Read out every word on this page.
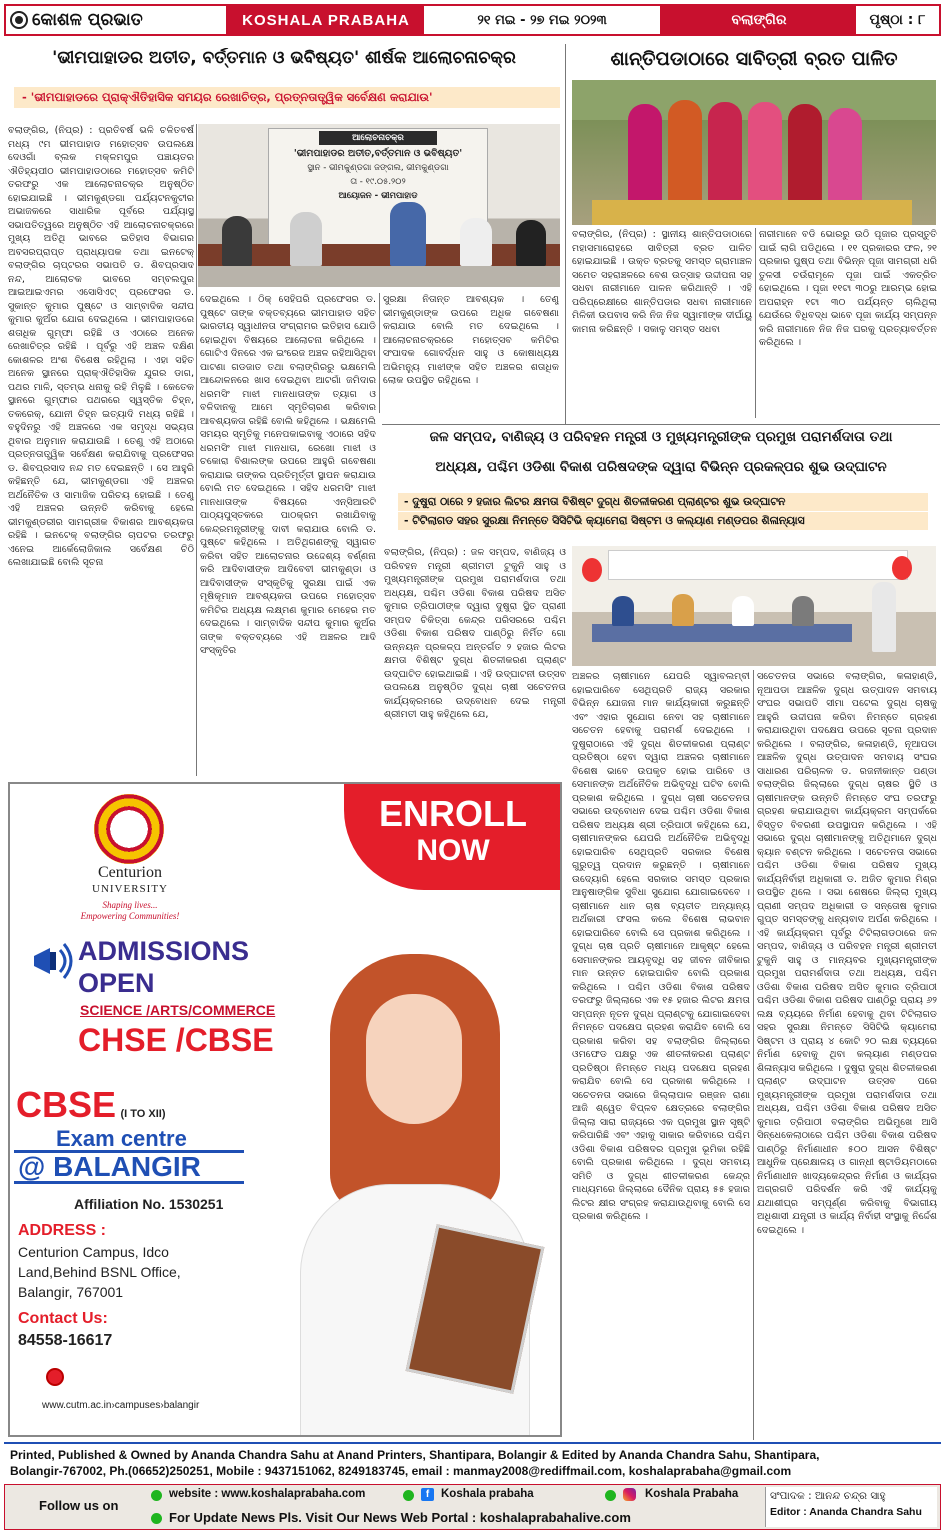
କୋଶଳ ପ୍ରଭାତ	KOSHALA PRABAHA	୨୧ ମଇ - ୨୭ ମଇ ୨୦୨୩	ବଲାଙ୍ଗିର	ପୃଷ୍ଠା : ୮
'ଭୀମପାହାଡର ଅତୀତ, ବର୍ତ୍ତମାନ ଓ ଭବିଷ୍ୟତ' ଶୀର୍ଷକ ଆଲୋଚନାଚକ୍ର
- 'ଭୀମପାହାଡରେ ପ୍ରାକ୍ଐତିହାସିକ ସମୟର ରେଖାଚିତ୍ର, ପ୍ରତ୍ନତାତ୍ତ୍ୱିକ ସର୍ବେକ୍ଷଣ କରାଯାଉ'
ଆଲୋଚନାଚକ୍ର
'ଭୀମପାହାଡର ଅତୀତ,ବର୍ତ୍ତମାନ ଓ ଭବିଷ୍ୟତ'
ସ୍ଥାନ - ଭୀମକୁଣ୍ଡଗା ଜଙ୍ଗଲ, ଭୀମକୁଣ୍ଡଗା
ତା - ୧୯.୦୫.୨୦୨
ଆୟୋଜନ - ଭୀମପାହାଡ
ବଲାଙ୍ଗିର, (ନିପ୍ର) : ପ୍ରତିବର୍ଷ ଭଳି ଚଳିତବର୍ଷ ମଧ୍ୟ ୯ମ ଭୀମପାହାଡ ମହୋତ୍ସବ ଉପଲକ୍ଷେ ଦେଓଗାଁ ବ୍ଲକ ମକ୍ଳମପୁର ପଞ୍ଚାୟତର ଐତିହ୍ୟପୀଠ ଭୀମପାହାଡଠାରେ ମହୋତ୍ସବ କମିଟି ତରଫରୁ ଏକ ଆଲୋଚନାଚକ୍ର ଅନୁଷ୍ଠିତ ହୋଇଯାଇଛି । ଭୀମକୁଣ୍ଡଗା ପର୍ଯ୍ୟଟନକୁଟୀର ଅଭାଜକରେ ସାଧାରିକ ପୂର୍ବରେ ପର୍ଯ୍ୟାସ୍ଥ ସଭାପତିତ୍ୱରେ ଅନୁଷ୍ଠିତ ଏହି ଆଲୋଚନାଚକ୍ରରେ ମୁଖ୍ୟ ଅତିଥି ଭାବରେ ଇତିହାସ ବିଭାଗର ଅବସରପ୍ରାପ୍ତ ପ୍ରାଧ୍ୟାପକ ତଥା ଇନଟେକ୍ ବଲାଙ୍ଗିର ଚାପ୍ଟରର ସଭାପତି ଡ. ଶିବପ୍ରସାଦ ନନ୍ଦ, ଆଲୋଚକ ଭାବରେ ସମ୍ବଲପୁର ଆଇଆଇଏମର ଏସୋସିଏଟ୍ ପ୍ରଫେସର ଡ. ସୁକାନ୍ତ କୁମାର ପୁଷ୍ଟେ ଓ ସାମ୍ବାଦିକ ସନ୍ଦୀପ କୁମାର କୁର୍ଅର ଯୋଗ ଦେଇଥିଲେ । ଭୀମପାହାଡରେ ଶତାଧିକ ଗୁମ୍ଫା ରହିଛି ଓ ଏଠାରେ ଅନେକ ରେଖାଚିତ୍ର ରହିଛି । ପୂର୍ବରୁ ଏହି ଅଞ୍ଚଳ ଦକ୍ଷିଣ କୋଶଳର ଅଂଶ ବିଶେଷ ରହିଥିଲା । ଏହା ସହିତ ଅନେକ ସ୍ଥାନରେ ପ୍ରାକ୍ଐତିହାସିକ ଯୁଗର ଡାଗ, ପଥର ମାଳି, ସ୍ତମ୍ଭ ଧନାକୁ ରହି ମିଳୁଛି । କେତେକ ସ୍ଥାନରେ ଗୁମ୍ଫାର ପଥରରେ ସ୍ୱସ୍ତିକ ଚିହ୍ନ, ତକରେକ୍, ଯୋନୀ ଚିହ୍ନ ଇତ୍ୟାଦି ମଧ୍ୟ ରହିଛି । ବହୁଦିନରୁ ଏହି ଅଞ୍ଚଳରେ ଏକ ସମୃଦ୍ଧ ସଭ୍ୟତା ଥିବାର ଅନୁମାନ କରାଯାଉଛି । ତେଣୁ ଏହି ଅଠାରେ ପ୍ରତ୍ନତାତ୍ତ୍ୱିକ ସର୍ବେକ୍ଷଣ କରାଯିବାକୁ ପ୍ରଫେସର ଡ. ଶିବପ୍ରସାଦ ନନ୍ଦ ମତ ଦେଇଛନ୍ତି । ସେ ଆହୁରି କହିଛନ୍ତି ଯେ, ଭୀମକୁଣ୍ଡଗା ଏହି ଅଞ୍ଚଳର ଅର୍ଥନୈତିକ ଓ ସାମାଜିକ ପରିଚୟ ହୋଇଛି । ତେଣୁ ଏହି ଅଞ୍ଚଳର ଉନ୍ନତି କରିବାକୁ ହେଲେ ଭୀମକୁଣ୍ଡରୀର ସାମଗ୍ରୀକ ବିକାଶର ଆବଶ୍ୟକତା ରହିଛି । ଇନଟେକ୍ ବଲାଙ୍ଗିର ଚାପଟର ତରଫରୁ ଏନେଇ ଆର୍କେଲୋଜିକାଲ ସର୍ବେକ୍ଷଣ ଚିଠି ଲେଖାଯାଇଛି ବୋଲି ସୂଚନା
ଦେଇଥିଲେ । ଠିକ୍ ସେହିପରି ପ୍ରଫେସର ଡ. ପୁଷ୍ଟେ ତାଙ୍କ ବକ୍ତବ୍ୟରେ ଭୀମପାହାଡ ସହିତ ଭାରତୀୟ ସ୍ୱାଧୀନତା ସଂଗ୍ରାମର ଇତିହାସ ଯୋଡି ହୋଇଥିବା ବିଷୟରେ ଆଲୋଚନା କରିଥିଲେ । ଗୋଟିଏ ଦିନରେ ଏକ ଇଂରେଜ ଅଞ୍ଚଳ ରହିଆସିଥିବା ପାଟଣା ଗଡଜାତ ତଥା ବଲାଙ୍ଗିରରୁ ଭକ୍ଷମେଲି ଆନ୍ଦୋଳନରେ ଖାସ ଦେଇଥିବା ଆଟଗାଁ ଜମିଦାର ଧରମସିଂ ମାଝୀ ମାନଧାତାଙ୍କ ତ୍ୟାଗ ଓ ବଳିଦାନକୁ ଆମେ ସ୍ମୃତିଚାରଣ କରିବାର ଆବଶ୍ୟକତା ରହିଛି ବୋଲି କହିଥିଲେ । ଭକ୍ଷମେଲି ସମୟର ସ୍ମୃତିକୁ ମନେପକାଇବାକୁ ଏଠାରେ ସହିଦ ଧରମସିଂ ମାଝୀ ମାନଧାତା, ରେଖୋ ମାଝୀ ଓ ଚକୋରା ବିଶାଲଙ୍କ ଉପରେ ଆହୁରି ଗବେଷଣା କରାଯାଇ ତାଙ୍କର ପ୍ରତିମୂର୍ତ୍ତୀ ସ୍ଥାପନ କରାଯାଉ ବୋଲି ମତ ଦେଇଥିଲେ । ସହିଦ ଧରମସିଂ ମାଝୀ ମାନଧାତାଙ୍କ ବିଷୟରେ ଏନ୍‌ସିଆରଟି ପାଠ୍ୟପୁସ୍ତକରେ ପାଠକ୍ରମ ରଖାଯିବାକୁ କେନ୍ଦ୍ରମନ୍ତ୍ରୀଙ୍କୁ ଦାବୀ କରାଯାଉ ବୋଲି ଡ. ପୁଷ୍ଟେ କହିଥିଲେ । ଅତିଥିଗଣଙ୍କୁ ସ୍ୱାଗତ କରିବା ସହିତ ଆଲୋଚନାର ଉଦ୍ଦେଶ୍ୟ ବର୍ଣ୍ଣନା କରି ଆଦିବାସୀଙ୍କ ଆଦିବେବୀ ଭୀମକୁଣ୍ଡା ଓ ଆଦିବାସୀଙ୍କ ସଂସ୍କୃତିକୁ ସୁରକ୍ଷା ପାଇଁ ଏକ ମୂଷିକୂମାନ ଆବଶ୍ୟକତା ଉପରେ ମହୋତ୍ସବ କମିଟିର ଅଧ୍ୟକ୍ଷ ଲକ୍ଷ୍ମଣ କୁମାର ମେହେର ମତ ଦେଇଥିଲେ । ସାମ୍ବାଦିକ ସନ୍ଦୀପ କୁମାର କୁର୍ଅର ତାଙ୍କ ବକ୍ତବ୍ୟରେ ଏହି ଅଞ୍ଚଳର ଆଦି ସଂସ୍କୃତିର
ସୁରକ୍ଷା ନିତାନ୍ତ ଆବଶ୍ୟକ । ତେଣୁ ଭୀମକୁଣ୍ଡାଙ୍କ ଉପରେ ଅଧିକ ଗବେଷଣା କରାଯାଉ ବୋଲି ମତ ଦେଇଥିଲେ । ଆଲୋଚନାଚକ୍ରରେ ମହୋତ୍ସବ କମିଟିର ସଂପାଦକ ଗୋବର୍ଦ୍ଧନ ସାହୁ ଓ କୋଷାଧ୍ୟକ୍ଷ ଅଭିମନ୍ୟୁ ମାଝୀଙ୍କ ସହିତ ଅଞ୍ଚଳର ଶତାଧିକ ଲୋକ ଉପସ୍ଥିତ ରହିଥିଲେ ।
ଶାନ୍ତିପଡାଠାରେ ସାବିତ୍ରୀ ବ୍ରତ ପାଳିତ
ବଲାଙ୍ଗିର, (ନିପ୍ର) : ସ୍ଥାନୀୟ ଶାନ୍ତିପଡାଠାରେ ମହାସମାରୋହରେ ସାବିତ୍ରୀ ବ୍ରତ ପାଳିତ ହୋଇଯାଇଛି । ଉକ୍ତ ବ୍ରତକୁ ସମସ୍ତ ଗ୍ରାମାଞ୍ଚଳ ସମେତ ସହରାଞ୍ଚଳରେ ବେଶ ଉତ୍ସାହ ଉଦ୍ଦୀପନା ସହ ସଧବା ନାରୀମାନେ ପାଳନ କରିଥାନ୍ତି । ଏହି ପରିପ୍ରେକ୍ଷୀରେ ଶାନ୍ତିପଡାର ସଧବା ନାରୀମାନେ ମିଳିକୀ ଉପବାସ କରି ନିଜ ନିଜ ସ୍ୱାମୀଙ୍କ ଦୀର୍ଘାୟୁ କାମନା କରିଛନ୍ତି । ସକାଳୁ ସମସ୍ତ ସଧବା
ନାରୀମାନେ ବଡି ଭୋରରୁ ଉଠି ପୂଜାର ପ୍ରସ୍ତୁତି ପାଇଁ ଲାଗି ପଡିଥିଲେ । ୧୧ ପ୍ରକାରର ଫଳ, ୨୧ ପ୍ରକାର ପୁଷ୍ପ ତଥା ବିଭିନ୍ନ ପୂଜା ସାମଗ୍ରୀ ଧରି ତୁଳସୀ ଚଉଁରାମୂଳେ ପୂଜା ପାଇଁ ଏକତ୍ରିତ ହୋଇଥିଲେ । ପୂଜା ୧୧ଟା ୩୦ରୁ ଆରମ୍ଭ ହୋଇ ଅପରାହ୍ନ ୧ଟା ୩୦ ପର୍ଯ୍ୟନ୍ତ ଚାଲିଥିଲା ଯେଉଁରେ ବିଧିବଦ୍ଧ ଭାବେ ପୂଜା କାର୍ଯ୍ୟ ସମ୍ପନ୍ନ କରି ନାରୀମାନେ ନିଜ ନିଜ ଘରକୁ ପ୍ରତ୍ୟାବର୍ତ୍ତନ କରିଥିଲେ ।
ଜଳ ସମ୍ପଦ, ବାଣିଜ୍ୟ ଓ ପରିବହନ ମନ୍ତ୍ରୀ ଓ ମୁଖ୍ୟମନ୍ତ୍ରୀଙ୍କ ପ୍ରମୁଖ ପରାମର୍ଶଦାତା ତଥା
ଅଧ୍ୟକ୍ଷ, ପଶ୍ଚିମ ଓଡିଶା ବିକାଶ ପରିଷଦଙ୍କ ଦ୍ୱାରା ବିଭିନ୍ନ ପ୍ରକଳ୍ପର ଶୁଭ ଉଦ୍‌ଘାଟନ
- ଦୁଷୁରା ଠାରେ ୨ ହଜାର ଲିଟର କ୍ଷମତା ବିଶିଷ୍ଟ ଦୁଗ୍ଧ ଶିତଳୀକରଣ ପ୍ଲାଣ୍ଟର ଶୁଭ ଉଦ୍‌ଘାଟନ
- ଟିଟିଲାଗଡ ସହର ସୁରକ୍ଷା ନିମନ୍ତେ ସିସିଟିଭି କ୍ୟାମେରା ସିଷ୍ଟମ ଓ କଲ୍ୟାଣ ମଣ୍ଡପର ଶିଳାନ୍ୟାସ
ବଲାଙ୍ଗିର, (ନିପ୍ର) : ଜଳ ସମ୍ପଦ, ବାଣିଜ୍ୟ ଓ ପରିବହନ ମନ୍ତ୍ରୀ ଶ୍ରୀମତୀ ଟୁକୁନି ସାହୁ ଓ ମୁଖ୍ୟମନ୍ତ୍ରୀଙ୍କ ପ୍ରମୁଖ ପରାମର୍ଶଦାତା ତଥା ଅଧ୍ୟକ୍ଷ, ପଶ୍ଚିମ ଓଡିଶା ବିକାଶ ପରିଷଦ ଅସିତ କୁମାର ତ୍ରିପାଠୀଙ୍କ ଦ୍ୱାରା ଦୁଷୁରା ସ୍ଥିତ ପ୍ରାଣୀ ସମ୍ପଦ ଚିକିତ୍ସା କେନ୍ଦ୍ର ପରିସରରେ ପଶ୍ଚିମ ଓଡିଶା ବିକାଶ ପରିଷଦ ପାଣ୍ଠିରୁ ନିର୍ମିତ ଗୋ ଉନ୍ନୟନ ପ୍ରକଳ୍ପ ଅନ୍ତର୍ଗତ ୨ ହଜାର ଲିଟର କ୍ଷମତା ବିଶିଷ୍ଟ ଦୁଗ୍ଧ ଶିତଳୀକରଣ ପ୍ଲାଣ୍ଟ ଉଦ୍‌ଘାଟିତ ହୋଇଥାଇଛି । ଏହି ଉଦ୍‌ଘାଟନୀ ଉତ୍ସବ ଉପଲକ୍ଷେ ଅନୁଷ୍ଠିତ ଦୁଗ୍ଧ ଚାଷୀ ସଚେତନତା କାର୍ଯ୍ୟକ୍ରମରେ ଉଦ୍‌ବୋଧନ ଦେଇ ମନ୍ତ୍ରୀ ଶ୍ରୀମତୀ ସାହୁ କହିଥିଲେ ଯେ,
ଅଞ୍ଚଳର ଚାଷୀମାନେ ଯେପରି ସ୍ୱାବଲମ୍ବୀ ହୋଇପାରିବେ ସେଥିପ୍ରତି ରାଜ୍ୟ ସରକାର ବିଭିନ୍ନ ଯୋଜନା ମାନ କାର୍ଯ୍ୟକାରୀ କରୁଛନ୍ତି ଏବଂ ଏହାର ସୁଯୋଗ ନେବା ସହ ଚାଷୀମାନେ ସଚେତନ ହେବାକୁ ପରାମର୍ଶ ଦେଇଥିଲେ । ଦୁଷୁରାଠାରେ ଏହି ଦୁଗ୍ଧ ଶିତଳୀକରଣ ପ୍ଲାଣ୍ଟ ପ୍ରତିଷ୍ଠା ହେବା ଦ୍ୱାରା ଅଞ୍ଚଳର ଚାଷୀମାନେ ବିଶେଷ ଭାବେ ଉପକୃତ ହୋଇ ପାରିବେ ଓ ସେମାନଙ୍କ ଅର୍ଥନୈତିକ ଅଭିବୃଦ୍ଧି ଘଟିବ ବୋଲି ପ୍ରକାଶ କରିଥିଲେ । ଦୁଗ୍ଧ ଚାଷୀ ସଚେତନତା ସଭାରେ ଉଦ୍‌ବୋଧନ ଦେଇ ପଶ୍ଚିମ ଓଡିଶା ବିକାଶ ପରିଷଦ ଅଧ୍ୟକ୍ଷ ଶ୍ରୀ ତ୍ରିପାଠୀ କହିଥିଲେ ଯେ, ଚାଷୀମାନଙ୍କର ଯେପରି ଅର୍ଥନୈତିକ ଅଭିବୃଦ୍ଧି ହୋଇପାରିବ ସେଥିପ୍ରତି ସରକାର ବିଶେଷ ଗୁରୁତ୍ୱ ପ୍ରଦାନ କରୁଛନ୍ତି । ଚାଷୀମାନେ ଉଦ୍ୟୋଗି ହେଲେ ସରକାର ସମସ୍ତ ପ୍ରକାର ଆନୁଷାଙ୍ଗିକ ସୁବିଧା ସୁଯୋଗ ଯୋଗାଇଦେବେ । ଚାଷୀମାନେ ଧାନ ଚାଷ ବ୍ୟତୀତ ଅନ୍ୟାନ୍ୟ ଅର୍ଥକାରୀ ଫସଲ କଲେ ବିଶେଷ ଲାଭବାନ ହୋଇପାରିବେ ବୋଲି ସେ ପ୍ରକାଶ କରିଥିଲେ । ଦୁଗ୍ଧ ଚାଷ ପ୍ରତି ଚାଷୀମାନେ ଆକୃଷ୍ଟ ହେଲେ ସେମାନଙ୍କର ଆୟବୃଦ୍ଧି ସହ ଜୀବନ ଜୀବିକାର ମାନ ଉନ୍ନତ ହୋଇପାରିବ ବୋଲି ପ୍ରକାଶ କରିଥିଲେ । ପଶ୍ଚିମ ଓଡିଶା ବିକାଶ ପରିଷଦ ତରଫରୁ ଜିଲ୍ଲାରେ ଏକ ୧୫ ହଜାର ଲିଟର କ୍ଷମତା ସମ୍ପନ୍ନ ନୂତନ ଦୁଗ୍ଧ ପ୍ଲାଣ୍ଟକୁ ଯୋଗାଇଦେବା ନିମନ୍ତେ ପଦକ୍ଷେପ ଗ୍ରହଣ କରାଯିବ ବୋଲି ସେ ପ୍ରକାଶ କରିବା ସହ ବଲାଙ୍ଗିର ଜିଲ୍ଲାରେ ଓମଫେଡ ପକ୍ଷରୁ ଏକ ଶୀତଳୀକରଣ ପ୍ଲାଣ୍ଟ ପ୍ରତିଷ୍ଠା ନିମନ୍ତେ ମଧ୍ୟ ପଦକ୍ଷେପ ଗ୍ରହଣ କରାଯିବ ବୋଲି ସେ ପ୍ରକାଶ କରିଥିଲେ । ସଚେତନତା ସଭାରେ ଜିଲ୍ଲାପାଳ ରଞ୍ଜନ ରାଣା ଆଜି ଶ୍ୱେତ ବିପ୍ଳବ କ୍ଷେତ୍ରରେ ବଲାଙ୍ଗିର ଜିଲ୍ଲା ସାରା ରାଜ୍ୟରେ ଏକ ପ୍ରମୁଖ ସ୍ଥାନ ସୃଷ୍ଟି କରିପାରିଛି ଏବଂ ଏହାକୁ ସାକାର କରିବାରେ ପଶ୍ଚିମ ଓଡିଶା ବିକାଶ ପରିଷଦର ପ୍ରମୁଖ ଭୂମିକା ରହିଛି ବୋଲି ପ୍ରକାଶ କରିଥିଲେ । ଦୁଗ୍ଧ ସମବାୟ ସମିତି ଓ ଦୁଗ୍ଧ ଶୀତଳୀକରଣ କେନ୍ଦ୍ର ମାଧ୍ୟମରେ ଜିଲ୍ଲାରେ ଦୈନିକ ପ୍ରାୟ ୫୫ ହଜାର ଲିଟର କ୍ଷୀର ସଂଗ୍ରହ କରାଯାଉଥିବାକୁ ବୋଲି ସେ ପ୍ରକାଶ କରିଥିଲେ ।
ସଚେତନତା ସଭାରେ ବଲାଙ୍ଗିର, କଳାହାଣ୍ଡି, ନୂଆପଡା ଆଞ୍ଚଳିକ ଦୁଗ୍ଧ ଉତ୍ପାଦନ ସମବାୟ ସଂଘର ସଭାପତି ସୀମା ପଟେଲ ଦୁଗ୍ଧ ଚାଷକୁ ଆହୁରି ଉଦ୍ଦୀପନା କରିବା ନିମନ୍ତେ ଗ୍ରହଣ କରାଯାଉଥିବା ପଦକ୍ଷେପ ଉପରେ ସୂଚନା ପ୍ରଦାନ କରିଥିଲେ । ବଲାଙ୍ଗିର, କଳାହାଣ୍ଡି, ନୂଆପଡା ଆଞ୍ଚଳିକ ଦୁଗ୍ଧ ଉତ୍ପାଦନ ସମବାୟ ସଂଘର ସାଧାରଣ ପରିଚାଳକ ଡ. ରଜନୀକାନ୍ତ ପଣ୍ଡା ବଲାଙ୍ଗିର ଜିଲ୍ଲାରେ ଦୁଗ୍ଧ ଚାଷର ସ୍ଥିତି ଓ ଚାଷୀମାନଙ୍କ ଉନ୍ନତି ନିମନ୍ତେ ସଂଘ ତରଫରୁ ଗ୍ରହଣ କରାଯାଉଥିବା କାର୍ଯ୍ୟକ୍ରମ ସମ୍ପର୍କରେ ବିସ୍ତୃତ ବିବରଣୀ ଉପସ୍ଥାପନ କରିଥିଲେ । ଏହି ସଭାରେ ଦୁଗ୍ଧ ଚାଷୀମାନଙ୍କୁ ଅତିଥିମାନେ ଦୁଗ୍ଧ କ୍ୟାନ ବଣ୍ଟନ କରିଥିଲେ । ସଚେତନତା ସଭାରେ ପଶ୍ଚିମ ଓଡିଶା ବିକାଶ ପରିଷଦ ମୁଖ୍ୟ କାର୍ଯ୍ୟନିର୍ବାହୀ ଅଧିକାରୀ ଡ. ଅଜିତ କୁମାର ମିଶ୍ର ଉପସ୍ଥିତ ଥିଲେ । ସଭା ଶେଷରେ ଜିଲ୍ଲା ମୁଖ୍ୟ ପ୍ରାଣୀ ସମ୍ପଦ ଅଧିକାରୀ ଡ ସନ୍ତୋଷ କୁମାର ଗୁପ୍ତ ସମସ୍ତଙ୍କୁ ଧନ୍ୟବାଦ ଅର୍ପଣ କରିଥିଲେ । ଏହି କାର୍ଯ୍ୟକ୍ରମ ପୂର୍ବରୁ ଟିଟିଲାଗଡଠାରେ ଜଳ ସମ୍ପଦ, ବାଣିଜ୍ୟ ଓ ପରିବହନ ମନ୍ତ୍ରୀ ଶ୍ରୀମତୀ ଟୁକୁନି ସାହୁ ଓ ମାନ୍ୟବର ମୁଖ୍ୟମନ୍ତ୍ରୀଙ୍କ ପ୍ରମୁଖ ପରାମର୍ଶଦାତା ତଥା ଅଧ୍ୟକ୍ଷ, ପଶ୍ଚିମ ଓଡିଶା ବିକାଶ ପରିଷଦ ଅସିତ କୁମାର ତ୍ରିପାଠୀ ପଶ୍ଚିମ ଓଡିଶା ବିକାଶ ପରିଷଦ ପାଣ୍ଠିରୁ ପ୍ରାୟ ୬୨ ଲକ୍ଷ ବ୍ୟୟରେ ନିର୍ମାଣ ହେବାକୁ ଥିବା ଟିଟିଲାଗଡ ସହର ସୁରକ୍ଷା ନିମନ୍ତେ ସିସିଟିଭି କ୍ୟାମେରା ସିଷ୍ଟମ ଓ ପ୍ରାୟ ୪ କୋଟି ୨୦ ଲକ୍ଷ ବ୍ୟୟରେ ନିର୍ମାଣ ହେବାକୁ ଥିବା କଲ୍ୟାଣ ମଣ୍ଡପର ଶିଳାନ୍ୟାସ କରିଥିଲେ । ଦୁଷୁରା ଦୁଗ୍ଧ ଶିତଳୀକରଣ ପ୍ଲାଣ୍ଟ ଉଦ୍‌ଘାଟନ ଉତ୍ସବ ପରେ ମୁଖ୍ୟମନ୍ତ୍ରୀଙ୍କ ପ୍ରମୁଖ ପରାମର୍ଶଦାତା ତଥା ଅଧ୍ୟକ୍ଷ, ପଶ୍ଚିମ ଓଡିଶା ବିକାଶ ପରିଷଦ ଅସିତ କୁମାର ତ୍ରିପାଠୀ ବଲାଙ୍ଗିର ଅଭିମୁଖେ ଆସି ସିନ୍ଧେକେଲାଠାରେ ପଶ୍ଚିମ ଓଡିଶା ବିକାଶ ପରିଷଦ ପାଣ୍ଠିରୁ ନିର୍ମାଣାଧୀନ ୫୦୦ ଆସନ ବିଶିଷ୍ଟ ଆଧୁନିକ ପ୍ରେକ୍ଷାଳୟ ଓ ଗାନ୍ଧୀ ଷ୍ଟାଡିୟମଠାରେ ନିର୍ମାଣାଧୀନ ଖାଦ୍ୟକେନ୍ଦ୍ରର ନିର୍ମାଣ ଓ କାର୍ଯ୍ୟର ଅଗ୍ରଗତି ପରିଦର୍ଶନ କରି ଏହି କାର୍ଯ୍ୟକୁ ଯଥାଶୀଘ୍ର ସମ୍ପୂର୍ଣ୍ଣ କରିବାକୁ ବିଭାଗୀୟ ଅଧିଶାସୀ ଯନ୍ତ୍ରୀ ଓ କାର୍ଯ୍ୟ ନିର୍ବାହୀ ସଂସ୍ଥାକୁ ନିର୍ଦ୍ଦେଶ ଦେଇଥିଲେ ।
ENROLL
NOW
Centurion
UNIVERSITY
Shaping lives...
Empowering Communities!
ADMISSIONS
OPEN
SCIENCE /ARTS/COMMERCE
CHSE /CBSE
CBSE (I TO XII)
Exam centre
@ BALANGIR
Affiliation No. 1530251
ADDRESS :
Centurion Campus, Idco
Land,Behind BSNL Office,
Balangir, 767001
Contact Us:
84558-16617
www.cutm.ac.in›campuses›balangir
Printed, Published & Owned by Ananda Chandra Sahu at Anand Printers, Shantipara, Bolangir & Edited by Ananda Chandra Sahu, Shantipara,
Bolangir-767002, Ph.(06652)250251, Mobile : 9437151062, 8249183745, email : manmay2008@rediffmail.com, koshalaprabaha@gmail.com
Follow us on
website : www.koshalaprabaha.com	f	Koshala prabaha	Koshala Prabaha
For Update News Pls. Visit Our News Web Portal : koshalaprabahalive.com
ସଂପାଦକ : ଆନନ୍ଦ ଚନ୍ଦ୍ର ସାହୁ
Editor : Ananda Chandra Sahu
